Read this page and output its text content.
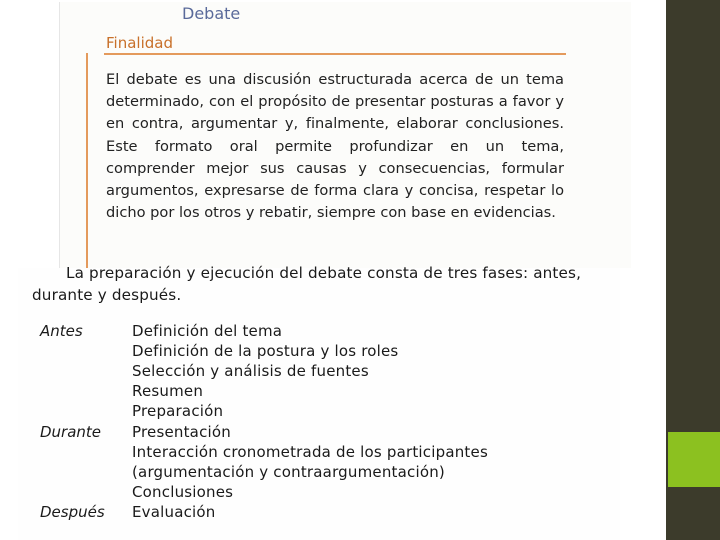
Debate
Finalidad

El debate es una discusión estructurada acerca de un tema determinado, con el propósito de presentar posturas a favor y en contra, argumentar y, finalmente, elaborar conclusiones. Este formato oral permite profundizar en un tema, comprender mejor sus causas y consecuencias, formular argumentos, expresarse de forma clara y concisa, respetar lo dicho por los otros y rebatir, siempre con base en evidencias.

La preparación y ejecución del debate consta de tres fases: antes, durante y después.

Antes
Durante
Después
Definición del tema
Definición de la postura y los roles
Selección y análisis de fuentes
Resumen
Preparación
Presentación
Interacción cronometrada de los participantes
(argumentación y contraargumentación)
Conclusiones
Evaluación
